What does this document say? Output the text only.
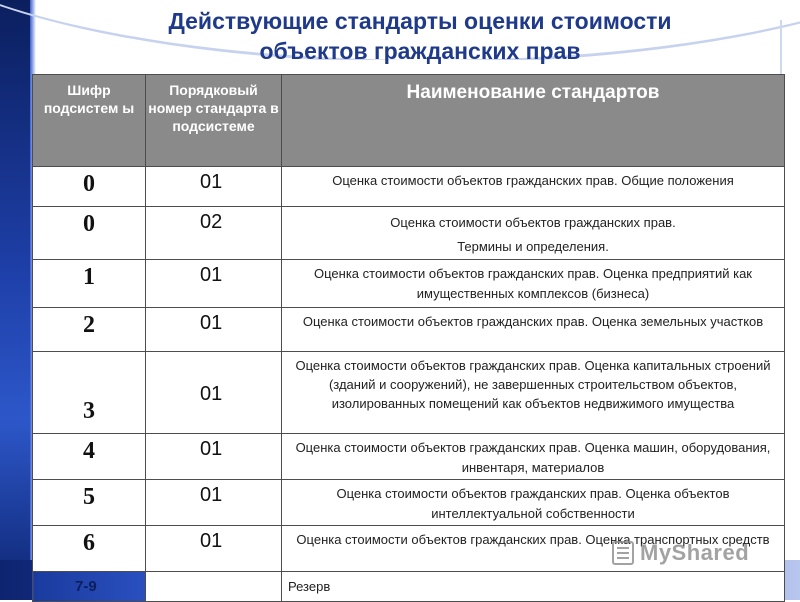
Действующие стандарты оценки стоимости
объектов гражданских прав
Шифр подсистем ы	Порядковый номер стандарта в подсистеме	Наименование стандартов
0	01	Оценка стоимости объектов гражданских прав. Общие положения
0	02	Оценка стоимости объектов гражданских прав.
Термины и определения.

1	01	Оценка стоимости объектов гражданских прав. Оценка предприятий как имущественных комплексов (бизнеса)
2	01	Оценка стоимости объектов гражданских прав. Оценка земельных участков
3	01	Оценка стоимости объектов гражданских прав. Оценка капитальных строений (зданий и сооружений), не завершенных строительством объектов, изолированных помещений как объектов недвижимого имущества
4	01	Оценка стоимости объектов гражданских прав. Оценка машин, оборудования, инвентаря, материалов
5	01	Оценка стоимости объектов гражданских прав. Оценка объектов интеллектуальной собственности
6	01	Оценка стоимости объектов гражданских прав. Оценка транспортных средств
7-9		Резерв
MyShared
